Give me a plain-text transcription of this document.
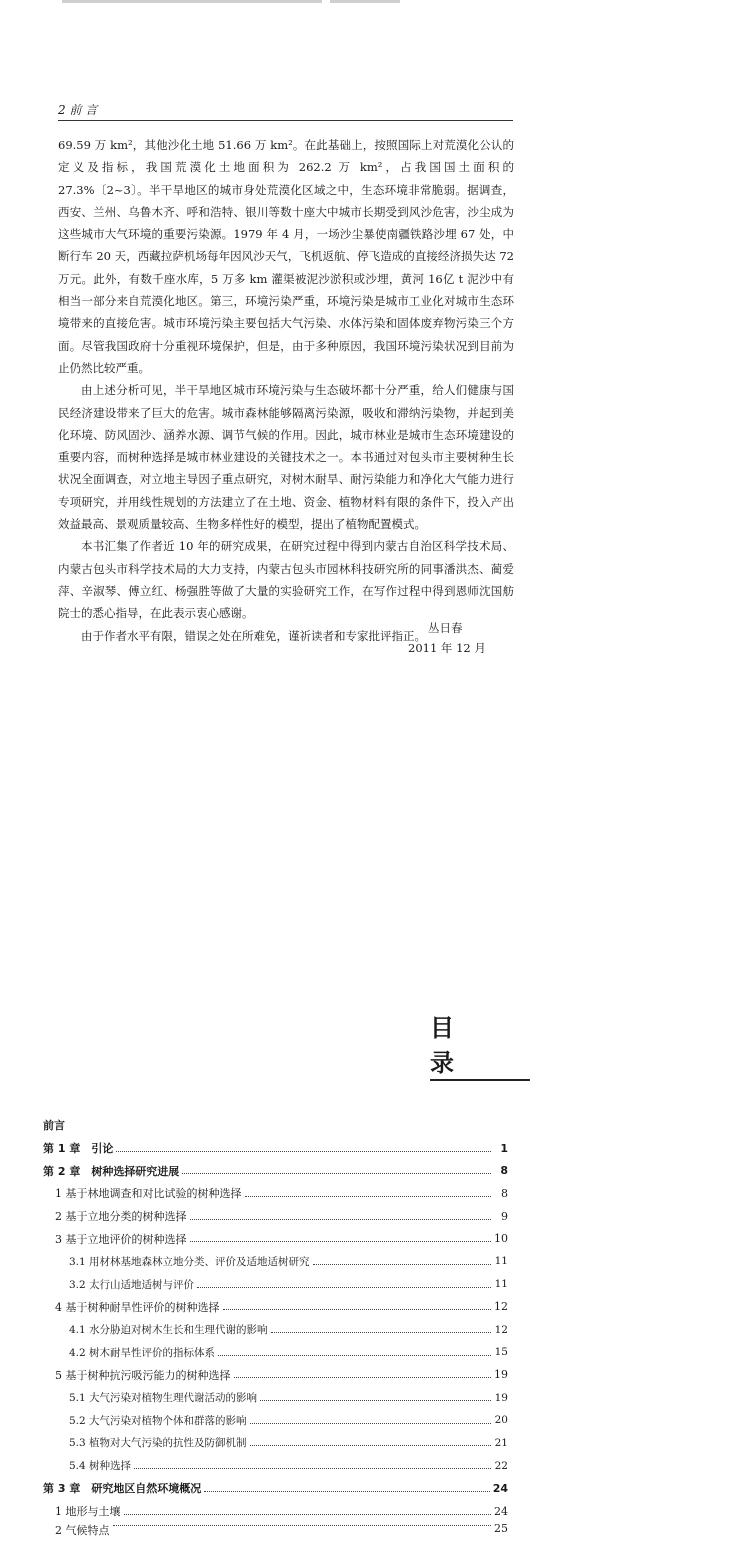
2 前 言

69.59 万 km²，其他沙化土地 51.66 万 km²。在此基础上，按照国际上对荒漠化公认的定义及指标，我国荒漠化土地面积为 262.2 万 km²，占我国国土面积的 27.3%〔2~3〕。半干旱地区的城市身处荒漠化区域之中，生态环境非常脆弱。据调查，西安、兰州、乌鲁木齐、呼和浩特、银川等数十座大中城市长期受到风沙危害，沙尘成为这些城市大气环境的重要污染源。1979 年 4 月，一场沙尘暴使南疆铁路沙埋 67 处，中断行车 20 天，西藏拉萨机场每年因风沙天气，飞机返航、停飞造成的直接经济损失达 72 万元。此外，有数千座水库，5 万多 km 灌渠被泥沙淤积或沙埋，黄河 16亿 t 泥沙中有相当一部分来自荒漠化地区。第三，环境污染严重，环境污染是城市工业化对城市生态环境带来的直接危害。城市环境污染主要包括大气污染、水体污染和固体废弃物污染三个方面。尽管我国政府十分重视环境保护，但是，由于多种原因，我国环境污染状况到目前为止仍然比较严重。

由上述分析可见，半干旱地区城市环境污染与生态破坏都十分严重，给人们健康与国民经济建设带来了巨大的危害。城市森林能够隔离污染源，吸收和滞纳污染物，并起到美化环境、防风固沙、涵养水源、调节气候的作用。因此，城市林业是城市生态环境建设的重要内容，而树种选择是城市林业建设的关键技术之一。本书通过对包头市主要树种生长状况全面调查，对立地主导因子重点研究，对树木耐旱、耐污染能力和净化大气能力进行专项研究，并用线性规划的方法建立了在土地、资金、植物材料有限的条件下，投入产出效益最高、景观质量较高、生物多样性好的模型，提出了植物配置模式。

本书汇集了作者近 10 年的研究成果，在研究过程中得到内蒙古自治区科学技术局、内蒙古包头市科学技术局的大力支持，内蒙古包头市园林科技研究所的同事潘洪杰、蔺爱萍、辛淑琴、傅立红、杨强胜等做了大量的实验研究工作，在写作过程中得到恩师沈国舫院士的悉心指导，在此表示衷心感谢。

由于作者水平有限，错误之处在所难免，谨祈读者和专家批评指正。

丛日春
2011 年 12 月
目 录
前言
第 1 章　引论	1
第 2 章　树种选择研究进展	8
1 基于林地调查和对比试验的树种选择	8
2 基于立地分类的树种选择	9
3 基于立地评价的树种选择	10
3.1 用材林基地森林立地分类、评价及适地适树研究	11
3.2 太行山适地适树与评价	11
4 基于树种耐旱性评价的树种选择	12
4.1 水分胁迫对树木生长和生理代谢的影响	12
4.2 树木耐旱性评价的指标体系	15
5 基于树种抗污吸污能力的树种选择	19
5.1 大气污染对植物生理代谢活动的影响	19
5.2 大气污染对植物个体和群落的影响	20
5.3 植物对大气污染的抗性及防御机制	21
5.4 树种选择	22
第 3 章　研究地区自然环境概况	24
1 地形与土壤	24
2 气候特点	25
